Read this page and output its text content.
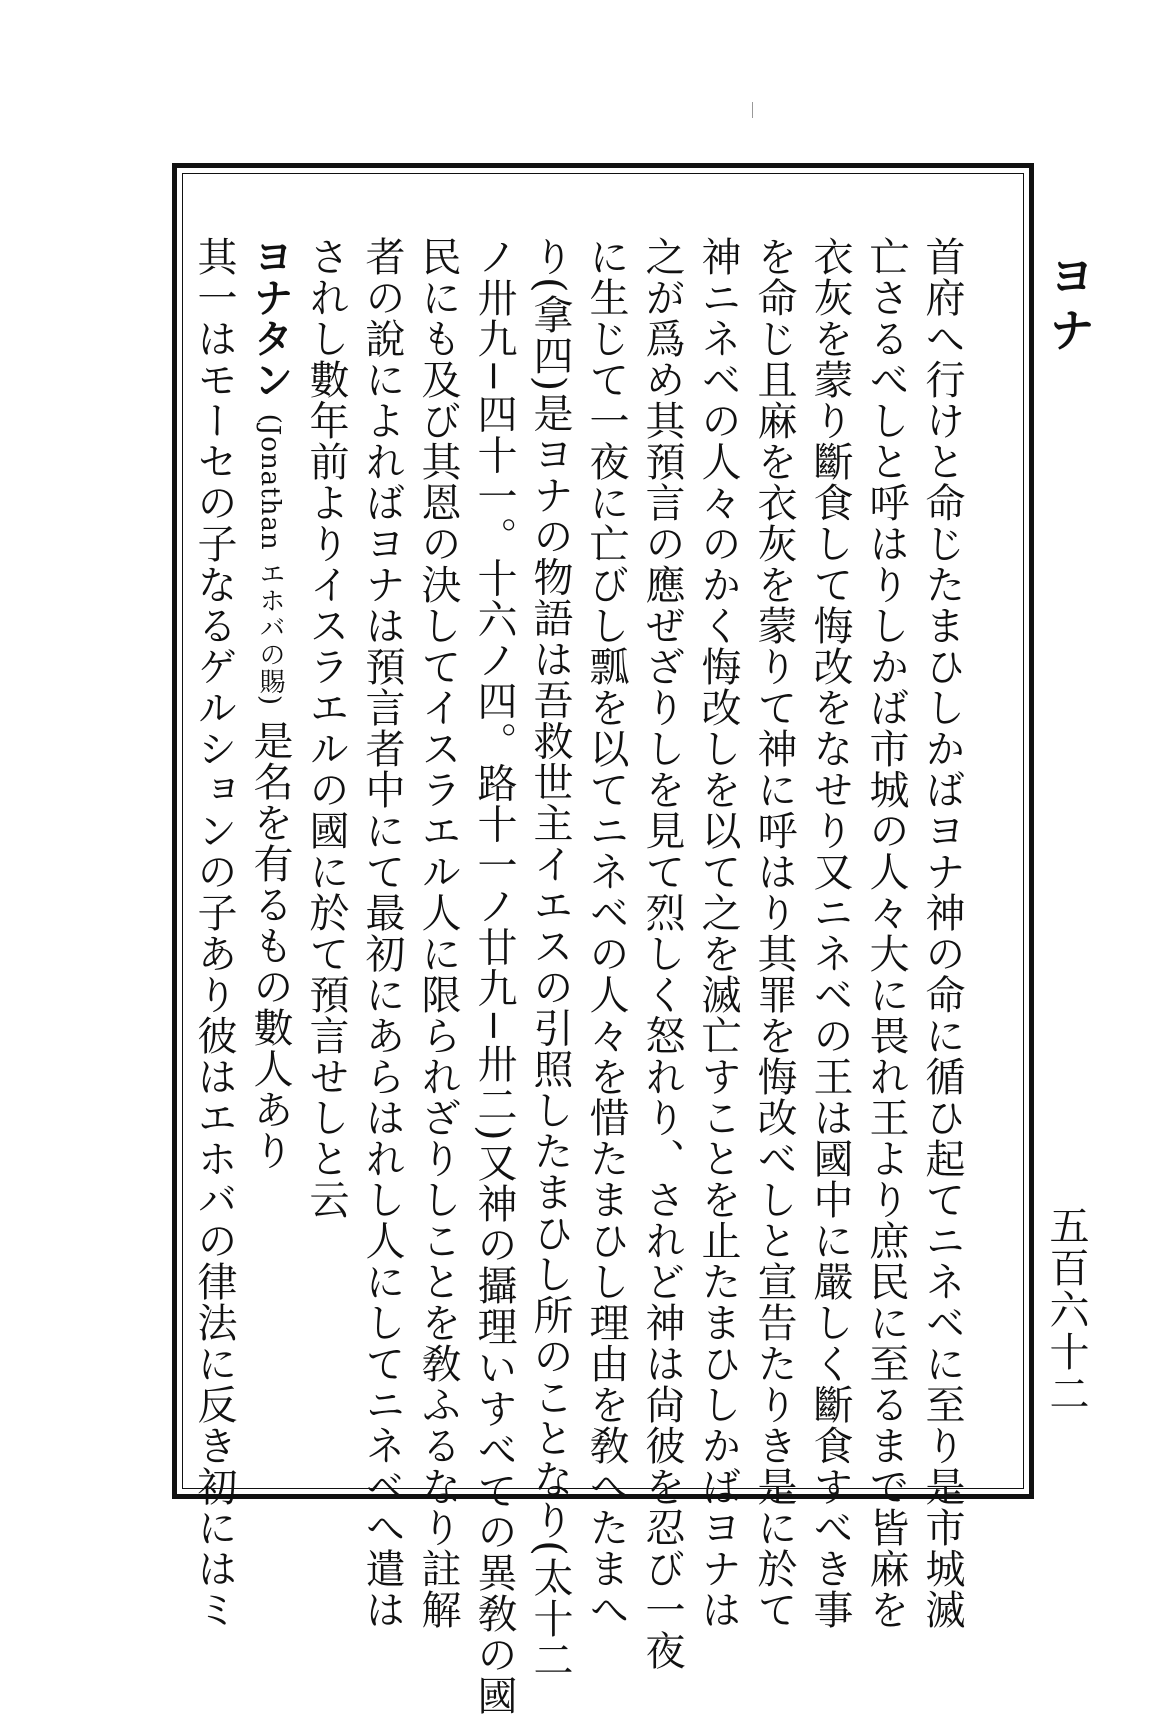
ヨナ
五百六十二
首府へ行けと命じたまひしかばヨナ神の命に循ひ起てニネベに至り是市城滅
亡さるべしと呼はりしかば市城の人々大に畏れ王より庶民に至るまで皆麻を
衣灰を蒙り斷食して悔改をなせり又ニネベの王は國中に嚴しく斷食すべき事
を命じ且麻を衣灰を蒙りて神に呼はり其罪を悔改べしと宣告たりき是に於て
神ニネベの人々のかく悔改しを以て之を滅亡すことを止たまひしかばヨナは
之が爲め其預言の應ぜざりしを見て烈しく怒れり、されど神は尙彼を忍び一夜
に生じて一夜に亡びし瓢を以てニネベの人々を惜たまひし理由を敎へたまへ
り(拿四)是ヨナの物語は吾救世主イエスの引照したまひし所のことなり(太十二
ノ卅九−四十一。十六ノ四。路十一ノ廿九−卅二)又神の攝理いすべての異敎の國
民にも及び其恩の決してイスラエル人に限られざりしことを敎ふるなり註解
者の說によればヨナは預言者中にて最初にあらはれし人にしてニネベへ遣は
されし數年前よりイスラエルの國に於て預言せしと云
ヨナタン (Jonathan エホバの賜) 是名を有るもの數人あり
其一はモーセの子なるゲルションの子あり彼はエホバの律法に反き初にはミ
